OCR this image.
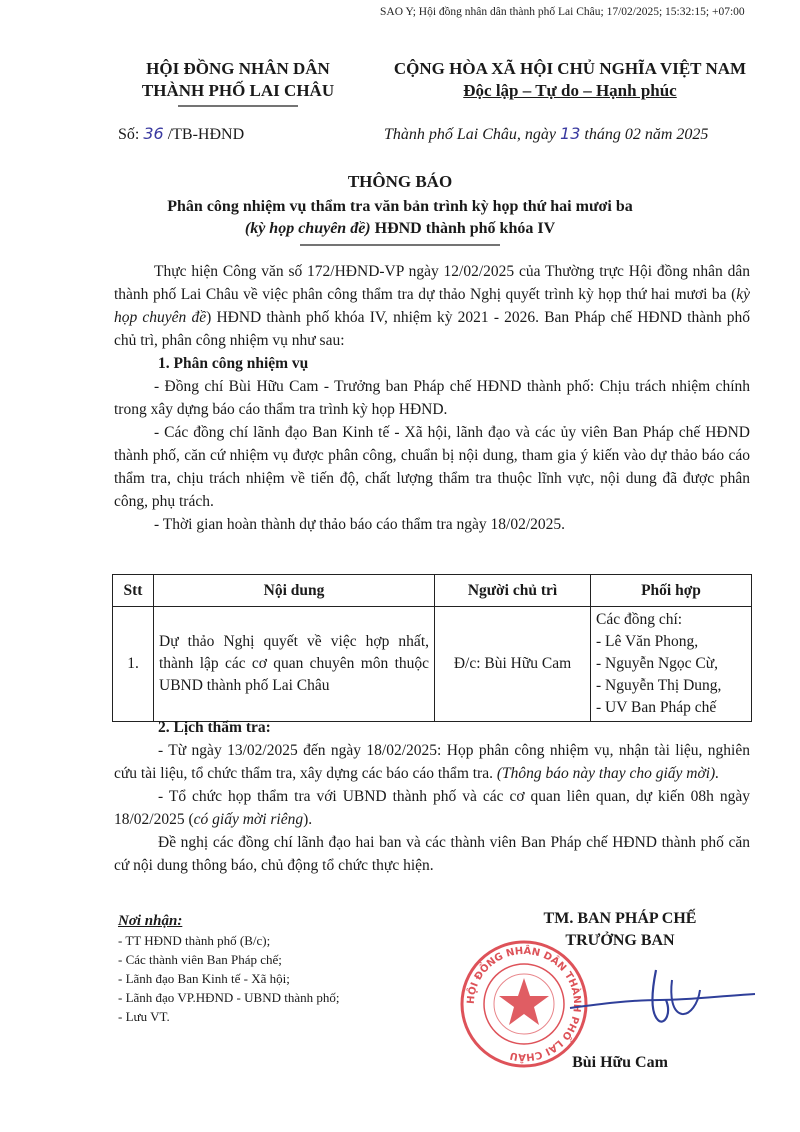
SAO Y; Hội đồng nhân dân thành phố Lai Châu; 17/02/2025; 15:32:15; +07:00
HỘI ĐỒNG NHÂN DÂN
THÀNH PHỐ LAI CHÂU
CỘNG HÒA XÃ HỘI CHỦ NGHĨA VIỆT NAM
Độc lập – Tự do – Hạnh phúc
Số: 36 /TB-HĐND	Thành phố Lai Châu, ngày 13 tháng 02 năm 2025
THÔNG BÁO
Phân công nhiệm vụ thẩm tra văn bản trình kỳ họp thứ hai mươi ba
(kỳ họp chuyên đề) HĐND thành phố khóa IV

Thực hiện Công văn số 172/HĐND-VP ngày 12/02/2025 của Thường trực Hội đồng nhân dân thành phố Lai Châu về việc phân công thẩm tra dự thảo Nghị quyết trình kỳ họp thứ hai mươi ba (kỳ họp chuyên đề) HĐND thành phố khóa IV, nhiệm kỳ 2021 - 2026. Ban Pháp chế HĐND thành phố chủ trì, phân công nhiệm vụ như sau:

1. Phân công nhiệm vụ

- Đồng chí Bùi Hữu Cam - Trưởng ban Pháp chế HĐND thành phố: Chịu trách nhiệm chính trong xây dựng báo cáo thẩm tra trình kỳ họp HĐND.

- Các đồng chí lãnh đạo Ban Kinh tế - Xã hội, lãnh đạo và các ủy viên Ban Pháp chế HĐND thành phố, căn cứ nhiệm vụ được phân công, chuẩn bị nội dung, tham gia ý kiến vào dự thảo báo cáo thẩm tra, chịu trách nhiệm về tiến độ, chất lượng thẩm tra thuộc lĩnh vực, nội dung đã được phân công, phụ trách.

- Thời gian hoàn thành dự thảo báo cáo thẩm tra ngày 18/02/2025.

Stt	Nội dung	Người chủ trì	Phối hợp
1.	Dự thảo Nghị quyết về việc hợp nhất, thành lập các cơ quan chuyên môn thuộc UBND thành phố Lai Châu	Đ/c: Bùi Hữu Cam	Các đồng chí:
- Lê Văn Phong,
- Nguyễn Ngọc Cừ,
- Nguyễn Thị Dung,
- UV Ban Pháp chế

2. Lịch thẩm tra:

- Từ ngày 13/02/2025 đến ngày 18/02/2025: Họp phân công nhiệm vụ, nhận tài liệu, nghiên cứu tài liệu, tổ chức thẩm tra, xây dựng các báo cáo thẩm tra. (Thông báo này thay cho giấy mời).

- Tổ chức họp thẩm tra với UBND thành phố và các cơ quan liên quan, dự kiến 08h ngày 18/02/2025 (có giấy mời riêng).

Đề nghị các đồng chí lãnh đạo hai ban và các thành viên Ban Pháp chế HĐND thành phố căn cứ nội dung thông báo, chủ động tổ chức thực hiện.

Nơi nhận:
- TT HĐND thành phố (B/c);
- Các thành viên Ban Pháp chế;
- Lãnh đạo Ban Kinh tế - Xã hội;
- Lãnh đạo VP.HĐND - UBND thành phố;
- Lưu VT.
TM. BAN PHÁP CHẾ
TRƯỞNG BAN
HỘI ĐỒNG NHÂN DÂN THÀNH PHỐ LAI CHÂU	Bùi Hữu Cam
